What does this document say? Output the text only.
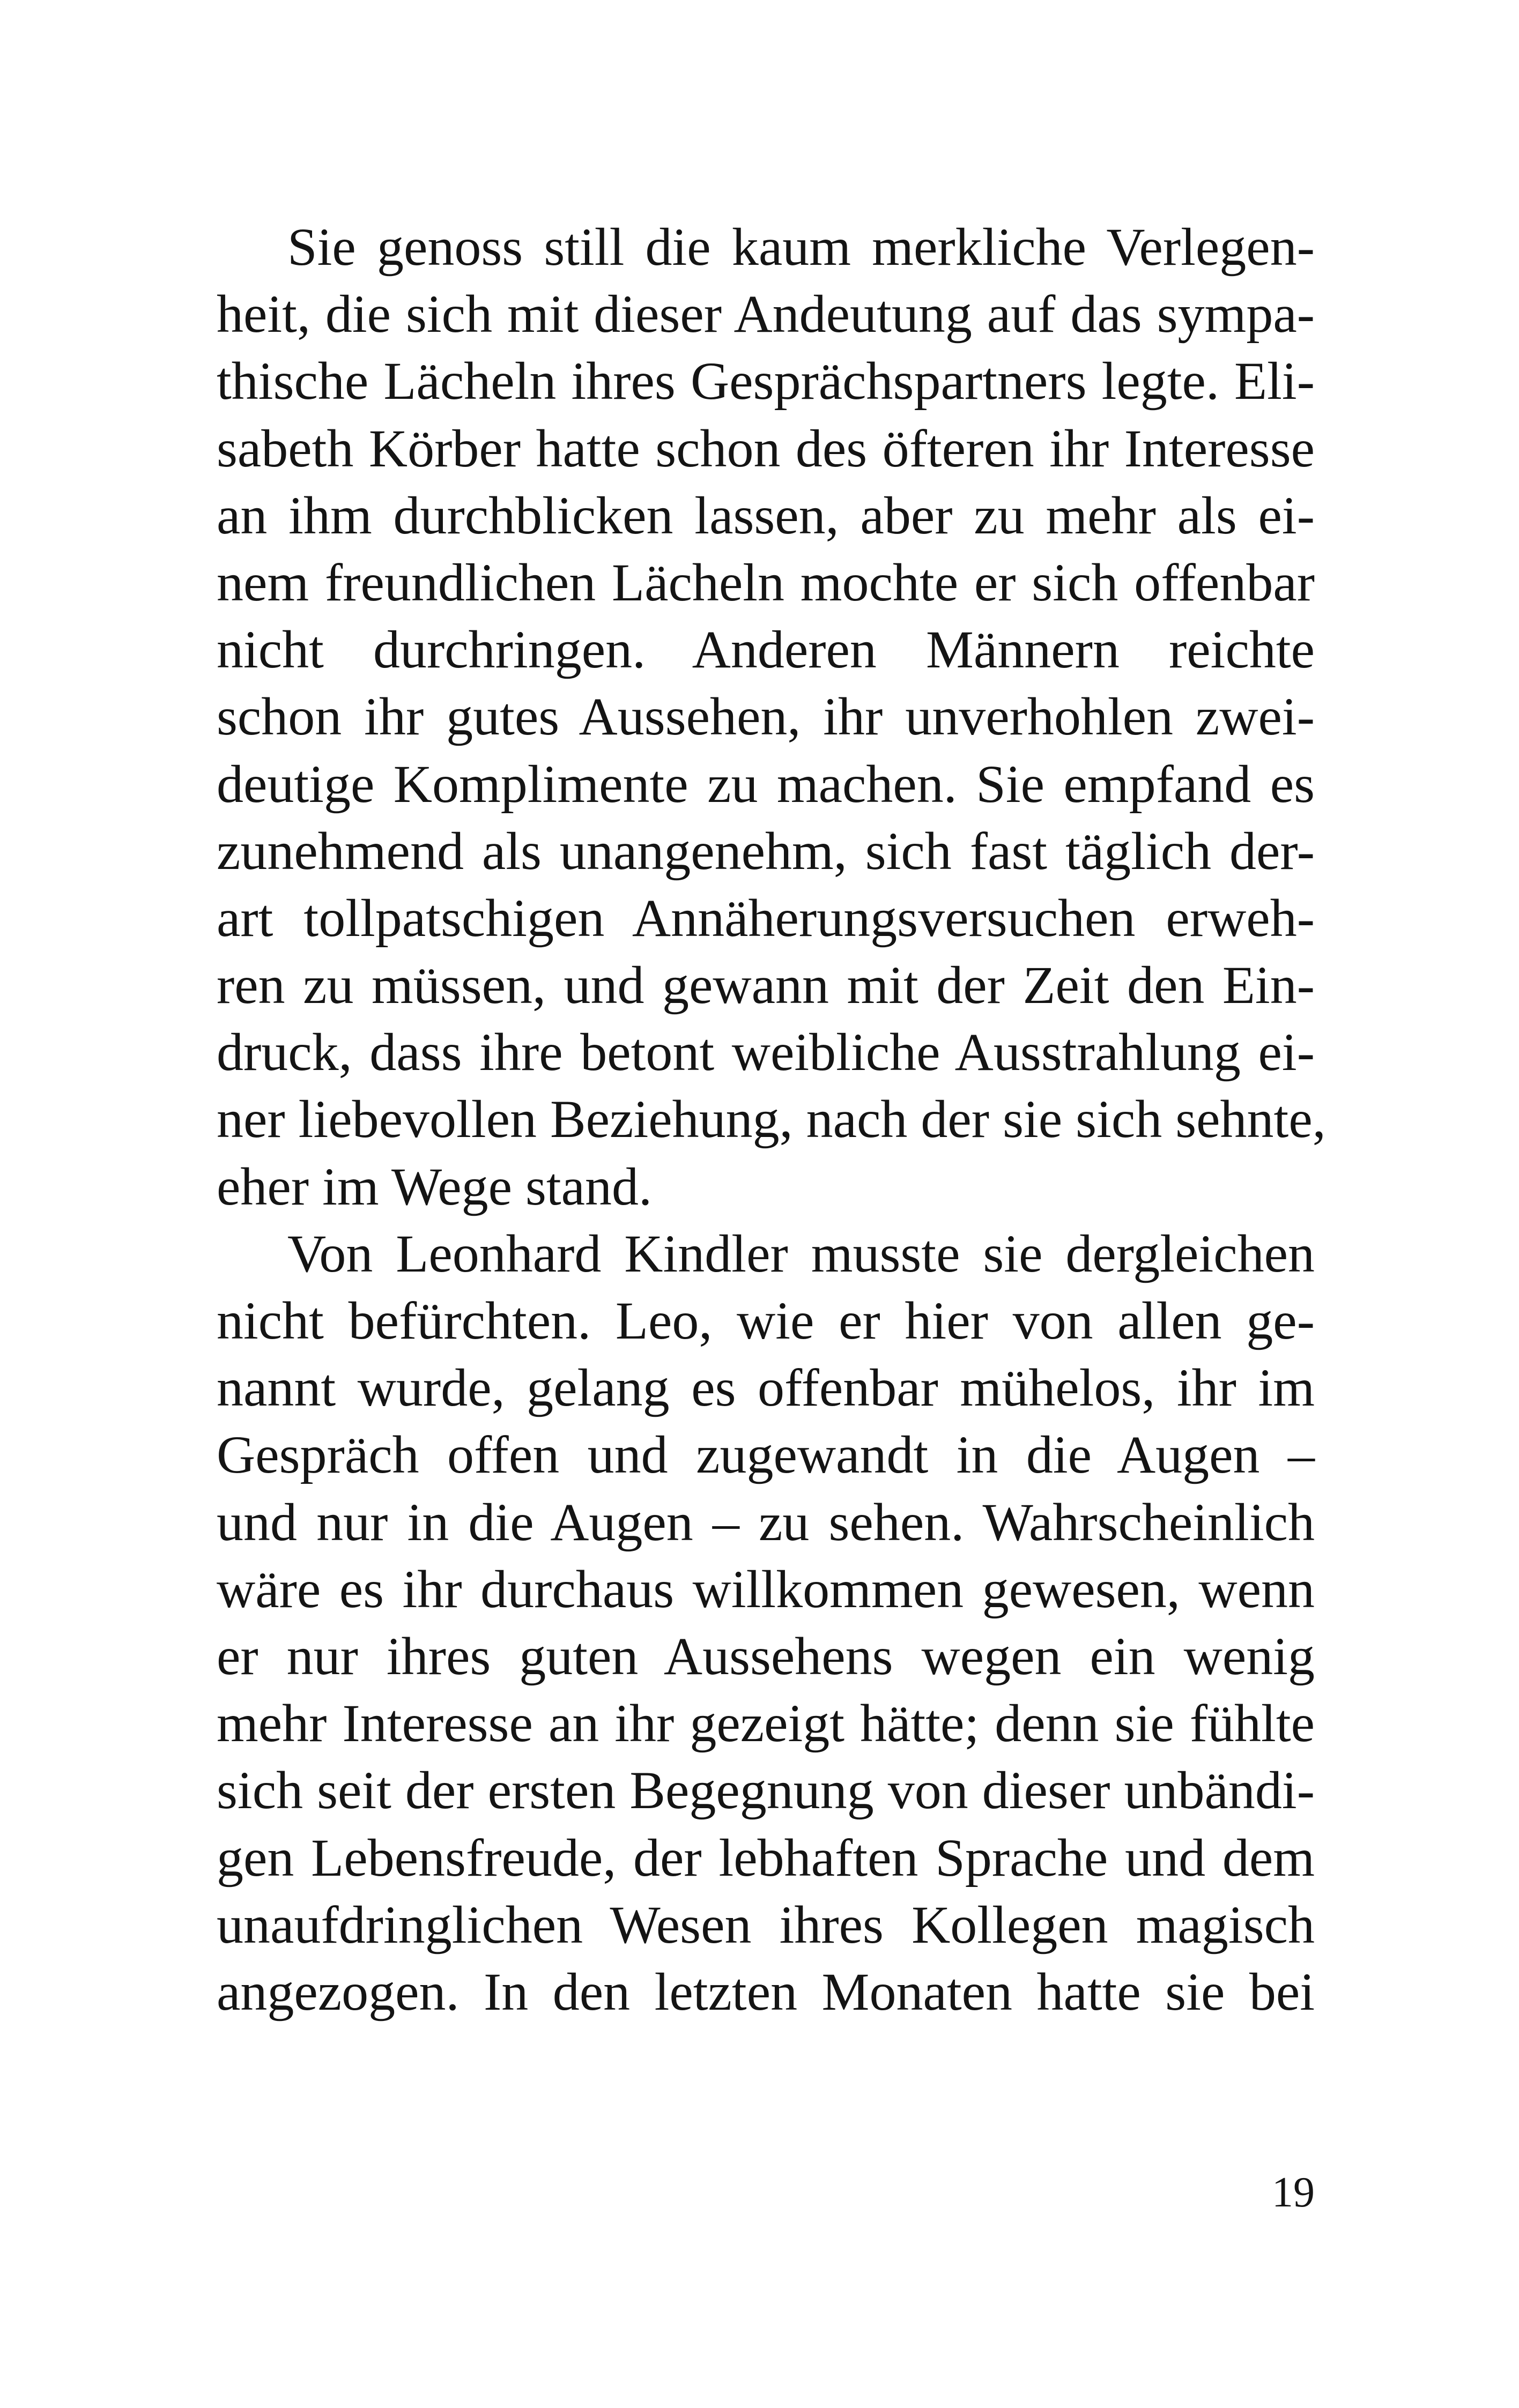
Sie genoss still die kaum merkliche Verlegen-
heit, die sich mit dieser Andeutung auf das sympa-
thische Lächeln ihres Gesprächspartners legte. Eli-
sabeth Körber hatte schon des öfteren ihr Interesse
an ihm durchblicken lassen, aber zu mehr als ei-
nem freundlichen Lächeln mochte er sich offenbar
nicht durchringen. Anderen Männern reichte
schon ihr gutes Aussehen, ihr unverhohlen zwei-
deutige Komplimente zu machen. Sie empfand es
zunehmend als unangenehm, sich fast täglich der-
art tollpatschigen Annäherungsversuchen erweh-
ren zu müssen, und gewann mit der Zeit den Ein-
druck, dass ihre betont weibliche Ausstrahlung ei-
ner liebevollen Beziehung, nach der sie sich sehnte,
eher im Wege stand.
Von Leonhard Kindler musste sie dergleichen
nicht befürchten. Leo, wie er hier von allen ge-
nannt wurde, gelang es offenbar mühelos, ihr im
Gespräch offen und zugewandt in die Augen –
und nur in die Augen – zu sehen. Wahrscheinlich
wäre es ihr durchaus willkommen gewesen, wenn
er nur ihres guten Aussehens wegen ein wenig
mehr Interesse an ihr gezeigt hätte; denn sie fühlte
sich seit der ersten Begegnung von dieser unbändi-
gen Lebensfreude, der lebhaften Sprache und dem
unaufdringlichen Wesen ihres Kollegen magisch
angezogen. In den letzten Monaten hatte sie bei
19
